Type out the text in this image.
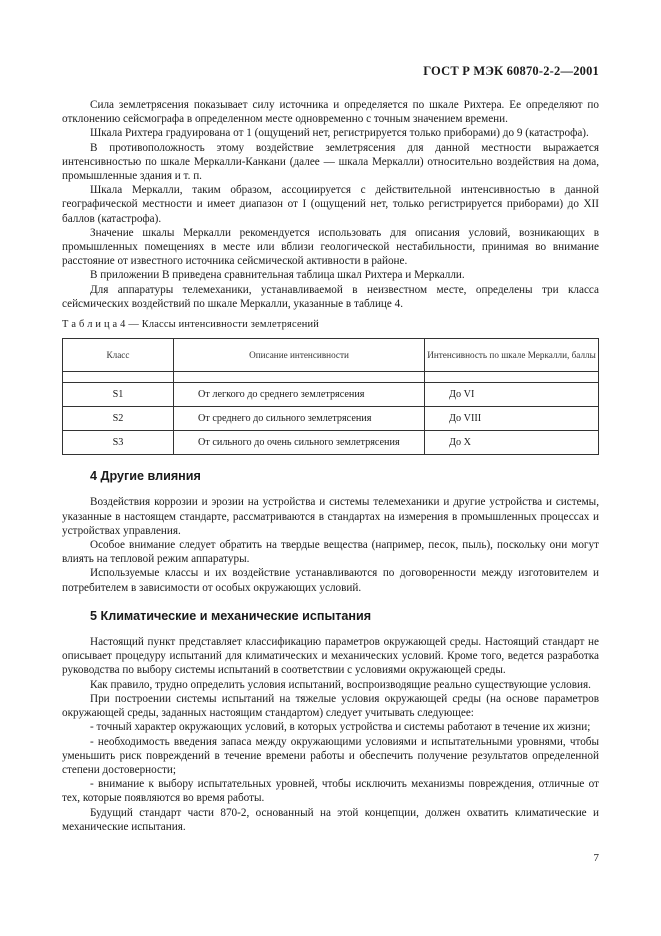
ГОСТ Р МЭК 60870-2-2—2001

Сила землетрясения показывает силу источника и определяется по шкале Рихтера. Ее определяют по отклонению сейсмографа в определенном месте одновременно с точным значением времени.

Шкала Рихтера градуирована от 1 (ощущений нет, регистрируется только приборами) до 9 (катастрофа).

В противоположность этому воздействие землетрясения для данной местности выражается интенсивностью по шкале Меркалли-Канкани (далее — шкала Меркалли) относительно воздействия на дома, промышленные здания и т. п.

Шкала Меркалли, таким образом, ассоциируется с действительной интенсивностью в данной географической местности и имеет диапазон от I (ощущений нет, только регистрируется приборами) до XII баллов (катастрофа).

Значение шкалы Меркалли рекомендуется использовать для описания условий, возникающих в промышленных помещениях в месте или вблизи геологической нестабильности, принимая во внимание расстояние от известного источника сейсмической активности в районе.

В приложении В приведена сравнительная таблица шкал Рихтера и Меркалли.

Для аппаратуры телемеханики, устанавливаемой в неизвестном месте, определены три класса сейсмических воздействий по шкале Меркалли, указанные в таблице 4.

Т а б л и ц а 4 — Классы интенсивности землетрясений
Класс	Описание интенсивности	Интенсивность по шкале Меркалли, баллы

S1	От легкого до среднего землетрясения	До VI
S2	От среднего до сильного землетрясения	До VIII
S3	От сильного до очень сильного землетрясения	До X
4 Другие влияния

Воздействия коррозии и эрозии на устройства и системы телемеханики и другие устройства и системы, указанные в настоящем стандарте, рассматриваются в стандартах на измерения в промышленных процессах и устройствах управления.

Особое внимание следует обратить на твердые вещества (например, песок, пыль), поскольку они могут влиять на тепловой режим аппаратуры.

Используемые классы и их воздействие устанавливаются по договоренности между изготовителем и потребителем в зависимости от особых окружающих условий.

5 Климатические и механические испытания

Настоящий пункт представляет классификацию параметров окружающей среды. Настоящий стандарт не описывает процедуру испытаний для климатических и механических условий. Кроме того, ведется разработка руководства по выбору системы испытаний в соответствии с условиями окружающей среды.

Как правило, трудно определить условия испытаний, воспроизводящие реально существующие условия.

При построении системы испытаний на тяжелые условия окружающей среды (на основе параметров окружающей среды, заданных настоящим стандартом) следует учитывать следующее:

- точный характер окружающих условий, в которых устройства и системы работают в течение их жизни;

- необходимость введения запаса между окружающими условиями и испытательными уровнями, чтобы уменьшить риск повреждений в течение времени работы и обеспечить получение результатов определенной степени достоверности;

- внимание к выбору испытательных уровней, чтобы исключить механизмы повреждения, отличные от тех, которые появляются во время работы.

Будущий стандарт части 870-2, основанный на этой концепции, должен охватить климатические и механические испытания.

7
